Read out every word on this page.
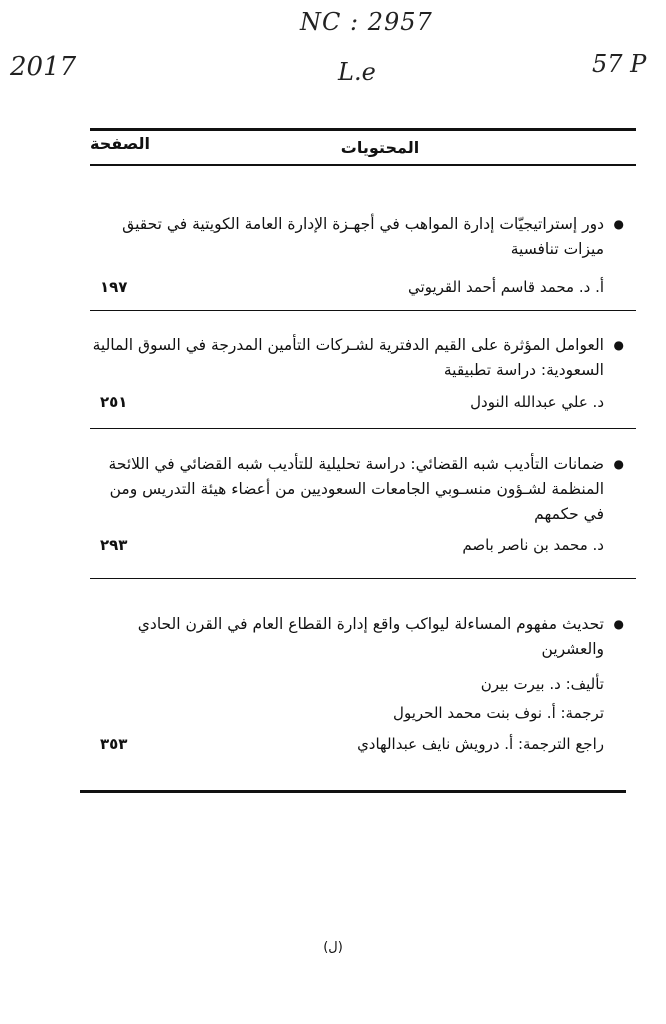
NC : 2957
2017	L.e	57 P
المحتويات
الصفحة
●
دور إستراتيجيّات إدارة المواهب في أجهـزة الإدارة العامة الكويتية في تحقيق ميزات تنافسية
أ. د. محمد قاسم أحمد القريوتي
١٩٧
●
العوامل المؤثرة على القيم الدفترية لشـركات التأمين المدرجة في السوق المالية السعودية: دراسة تطبيقية
د. علي عبدالله النودل
٢٥١
●
ضمانات التأديب شبه القضائي: دراسة تحليلية للتأديب شبه القضائي في اللائحة المنظمة لشـؤون منسـوبي الجامعات السعوديين من أعضاء هيئة التدريس ومن في حكمهم
د. محمد بن ناصر باصم
٢٩٣
●
تحديث مفهوم المساءلة ليواكب واقع إدارة القطاع العام في القرن الحادي والعشرين
تأليف: د. بيرت بيرن
ترجمة: أ. نوف بنت محمد الحريول
راجع الترجمة: أ. درويش نايف عبدالهادي
٣٥٣
(ل)
